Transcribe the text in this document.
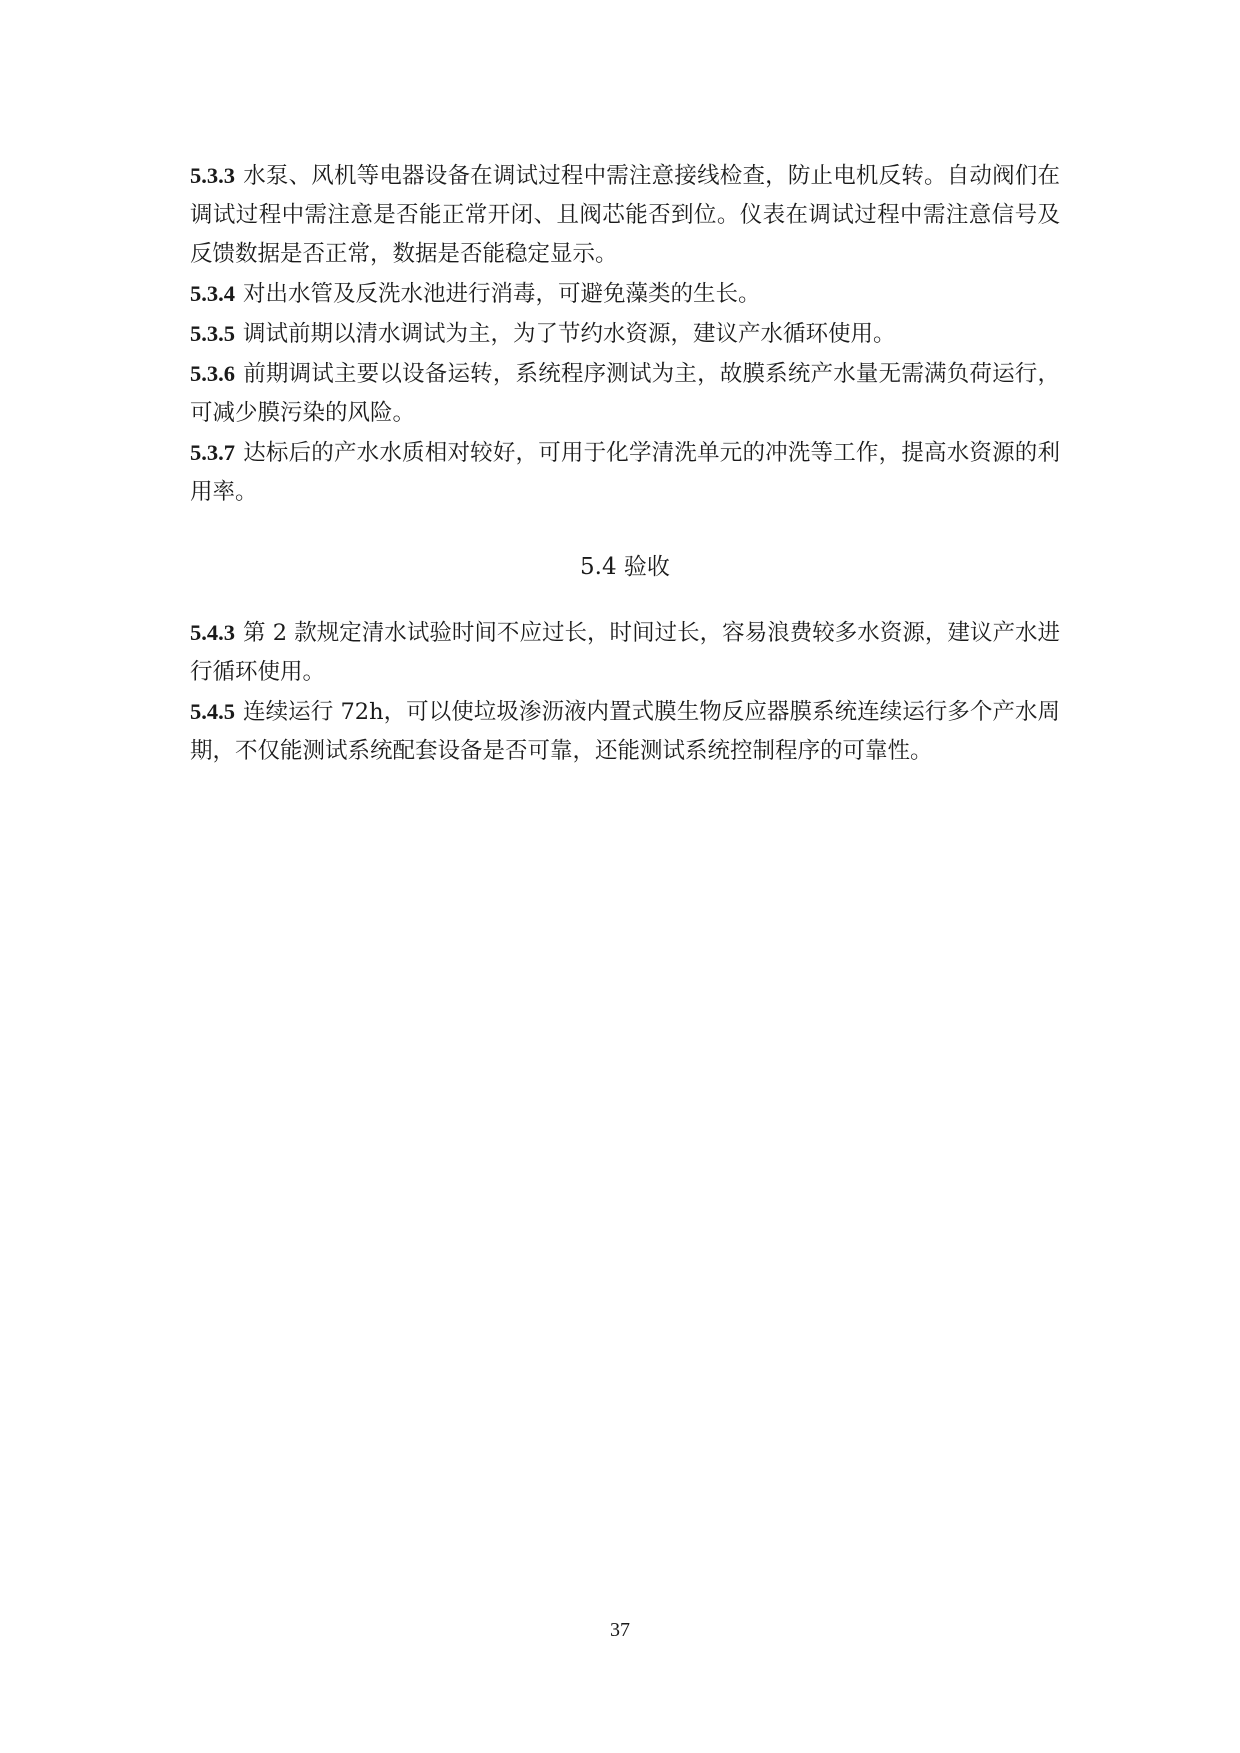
5.3.3 水泵、风机等电器设备在调试过程中需注意接线检查，防止电机反转。自动阀们在调试过程中需注意是否能正常开闭、且阀芯能否到位。仪表在调试过程中需注意信号及反馈数据是否正常，数据是否能稳定显示。

5.3.4 对出水管及反洗水池进行消毒，可避免藻类的生长。

5.3.5 调试前期以清水调试为主，为了节约水资源，建议产水循环使用。

5.3.6 前期调试主要以设备运转，系统程序测试为主，故膜系统产水量无需满负荷运行，可减少膜污染的风险。

5.3.7 达标后的产水水质相对较好，可用于化学清洗单元的冲洗等工作，提高水资源的利用率。

5.4 验收

5.4.3 第 2 款规定清水试验时间不应过长，时间过长，容易浪费较多水资源，建议产水进行循环使用。

5.4.5 连续运行 72h，可以使垃圾渗沥液内置式膜生物反应器膜系统连续运行多个产水周期，不仅能测试系统配套设备是否可靠，还能测试系统控制程序的可靠性。

37
